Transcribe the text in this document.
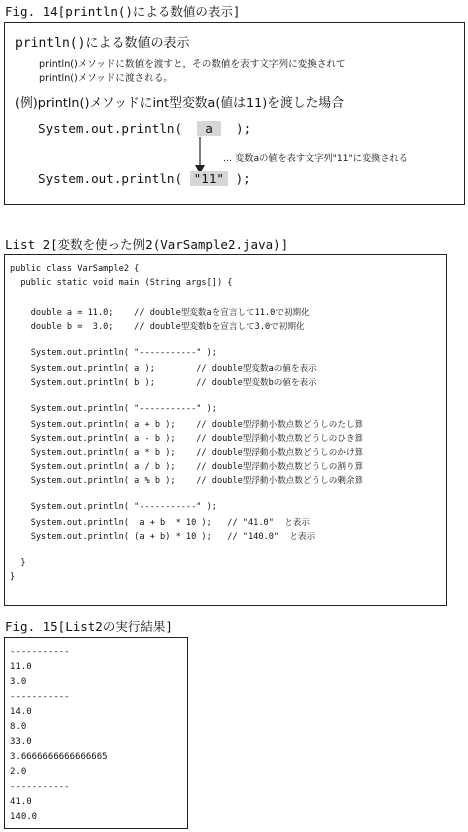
Fig. 14[println()による数値の表示]
println()による数値の表示
println()メソッドに数値を渡すと，その数値を表す文字列に変換されて
println()メソッドに渡される。
(例)println()メソッドにint型変数a(値は11)を渡した場合
System.out.println( a );
… 変数aの値を表す文字列"11"に変換される
System.out.println( "11" );
List 2[変数を使った例2(VarSample2.java)]

public class VarSample2 {

public static void main (String args[]) {

double a = 11.0;    // double型変数aを宣言して11.0で初期化

double b =  3.0;    // double型変数bを宣言して3.0で初期化

System.out.println( "-----------" );

System.out.println( a );        // double型変数aの値を表示

System.out.println( b );        // double型変数bの値を表示

System.out.println( "-----------" );

System.out.println( a + b );    // double型浮動小数点数どうしのたし算

System.out.println( a - b );    // double型浮動小数点数どうしのひき算

System.out.println( a * b );    // double型浮動小数点数どうしのかけ算

System.out.println( a / b );    // double型浮動小数点数どうしの割り算

System.out.println( a % b );    // double型浮動小数点数どうしの剰余算

System.out.println( "-----------" );

System.out.println(  a + b  * 10 );   // "41.0"  と表示

System.out.println( (a + b) * 10 );   // "140.0"  と表示

}

}

Fig. 15[List2の実行結果]

-----------

11.0

3.0

-----------

14.0

8.0

33.0

3.6666666666666665

2.0

-----------

41.0

140.0
